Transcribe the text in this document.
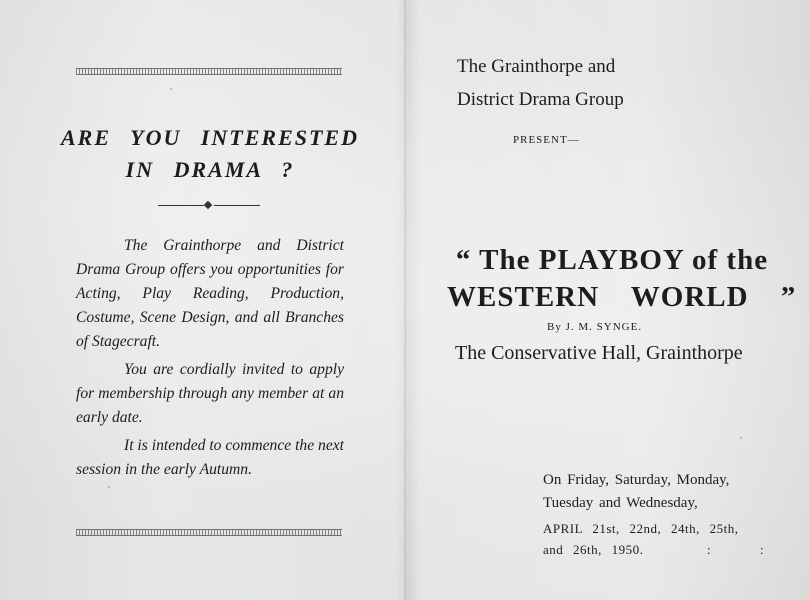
ARE YOU INTERESTED
IN DRAMA ?

The Grainthorpe and District Drama Group offers you opportunities for Acting, Play Reading, Production, Costume, Scene Design, and all Branches of Stagecraft.

You are cordially invited to apply for membership through any member at an early date.

It is intended to commence the next session in the early Autumn.

The Grainthorpe and

District Drama Group

PRESENT—

“ The PLAYBOY of the
WESTERN WORLD ”

By J. M. SYNGE.

The Conservative Hall, Grainthorpe

On Friday, Saturday, Monday,

Tuesday and Wednesday,

APRIL 21st, 22nd, 24th, 25th,

and 26th, 1950.	:	:
